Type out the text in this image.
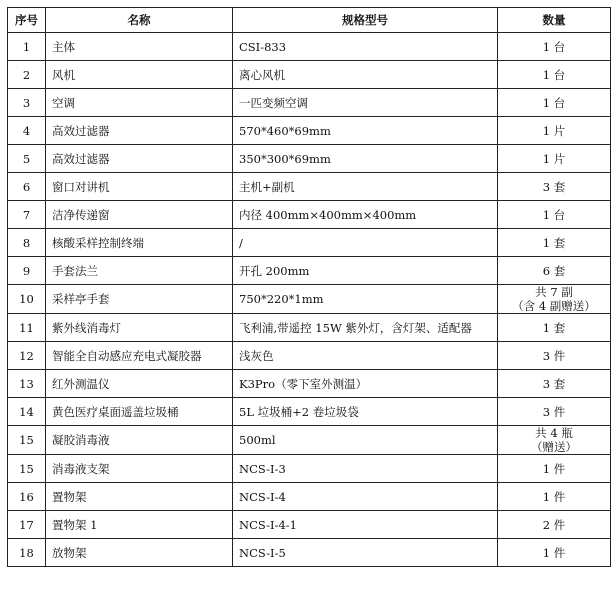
序号	名称	规格型号	数量
1	主体	CSI-833	1 台
2	风机	离心风机	1 台
3	空调	一匹变频空调	1 台
4	高效过滤器	570*460*69mm	1 片
5	高效过滤器	350*300*69mm	1 片
6	窗口对讲机	主机+副机	3 套
7	洁净传递窗	内径 400mm×400mm×400mm	1 台
8	核酸采样控制终端	/	1 套
9	手套法兰	开孔 200mm	6 套
10	采样亭手套	750*220*1mm	共 7 副
（含 4 副赠送）
11	紫外线消毒灯	飞利浦,带遥控 15W 紫外灯，含灯架、适配器	1 套
12	智能全自动感应充电式凝胶器	浅灰色	3 件
13	红外测温仪	K3Pro（零下室外测温）	3 套
14	黄色医疗桌面遥盖垃圾桶	5L 垃圾桶+2 卷垃圾袋	3 件
15	凝胶消毒液	500ml	共 4 瓶
（赠送）
15	消毒液支架	NCS-I-3	1 件
16	置物架	NCS-I-4	1 件
17	置物架 1	NCS-I-4-1	2 件
18	放物架	NCS-I-5	1 件
